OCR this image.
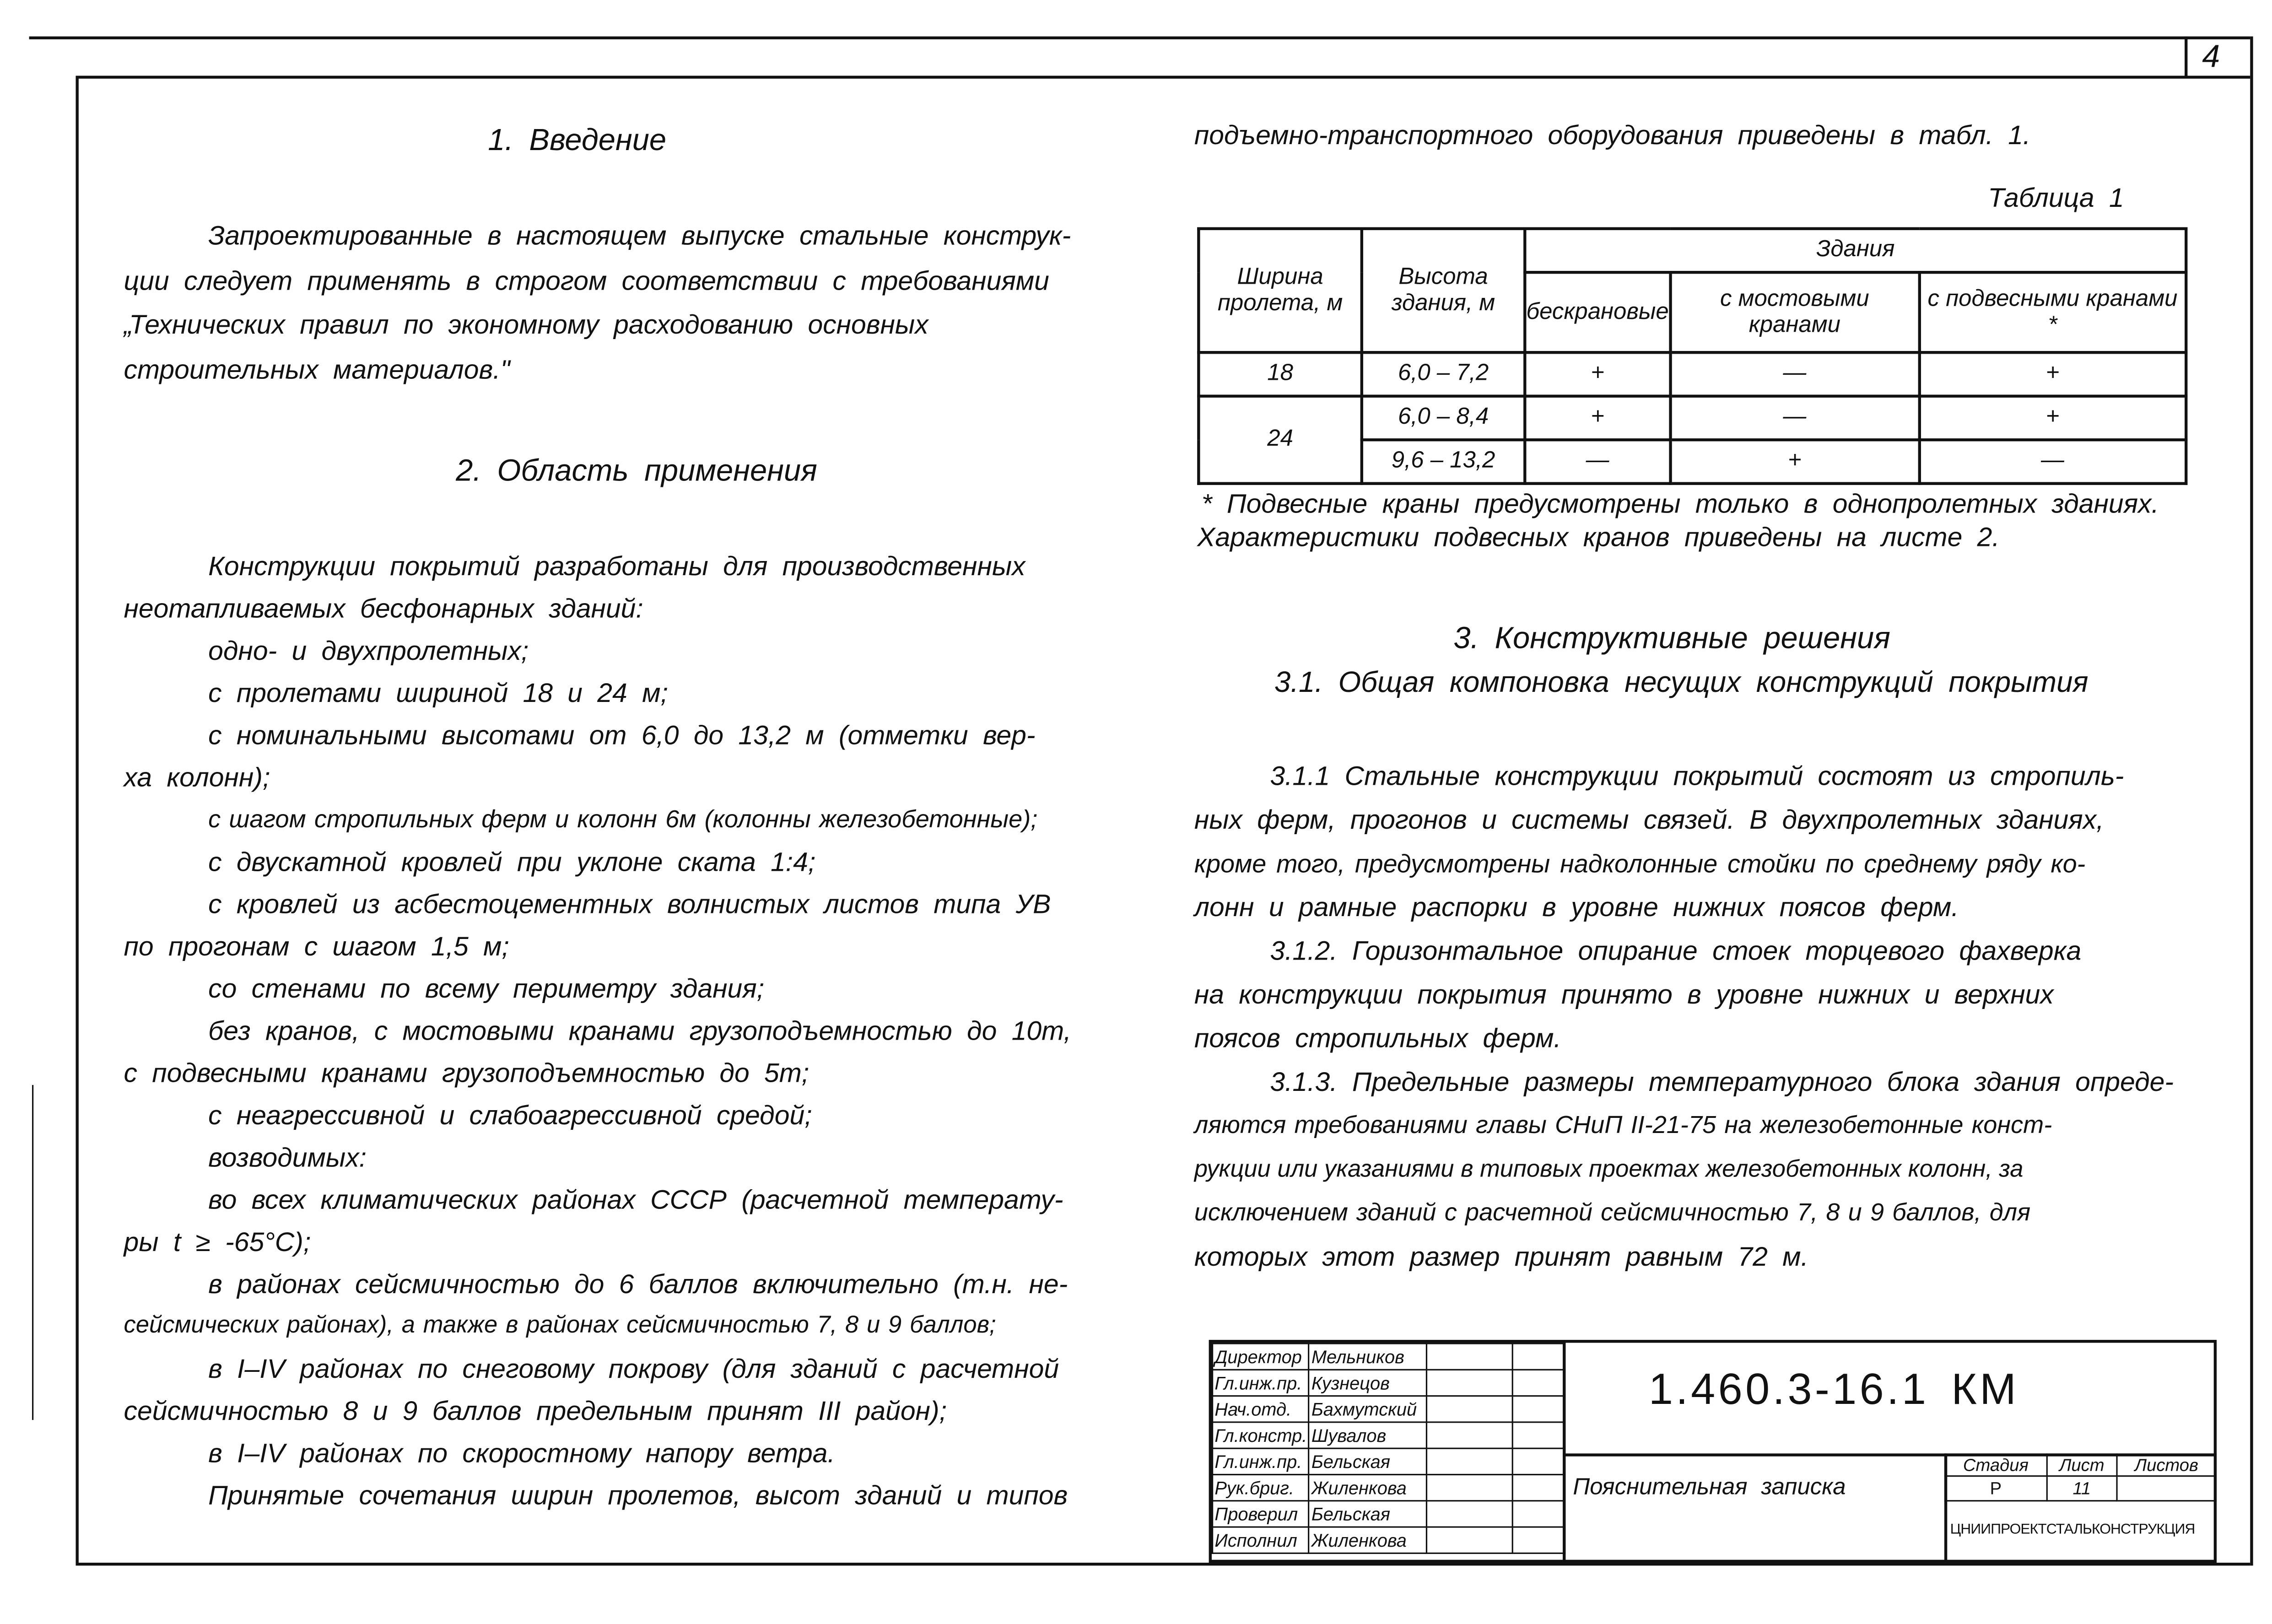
4
1. Введение
Запроектированные в настоящем выпуске стальные конструк-
ции следует применять в строгом соответствии с требованиями
„Технических правил по экономному расходованию основных
строительных материалов."
2. Область применения
Конструкции покрытий разработаны для производственных
неотапливаемых бесфонарных зданий:
одно- и двухпролетных;
с пролетами шириной 18 и 24 м;
с номинальными высотами от 6,0 до 13,2 м (отметки вер-
ха колонн);
с шагом стропильных ферм и колонн 6м (колонны железобетонные);
с двускатной кровлей при уклоне ската 1:4;
с кровлей из асбестоцементных волнистых листов типа УВ
по прогонам с шагом 1,5 м;
со стенами по всему периметру здания;
без кранов, с мостовыми кранами грузоподъемностью до 10т,
с подвесными кранами грузоподъемностью до 5т;
с неагрессивной и слабоагрессивной средой;
возводимых:
во всех климатических районах СССР (расчетной температу-
ры t ≥ -65°С);
в районах сейсмичностью до 6 баллов включительно (т.н. не-
сейсмических районах), а также в районах сейсмичностью 7, 8 и 9 баллов;
в I–IV районах по снеговому покрову (для зданий с расчетной
сейсмичностью 8 и 9 баллов предельным принят III район);
в I–IV районах по скоростному напору ветра.
Принятые сочетания ширин пролетов, высот зданий и типов
подъемно-транспортного оборудования приведены в табл. 1.
Таблица 1
Ширина пролета, м	Высота здания, м	Здания		
		бескрановые	с мостовыми кранами	с подвесными кранами *
18	6,0 – 7,2	+	—	+
24	6,0 – 8,4	+	—	+
	9,6 – 13,2	—	+	—
* Подвесные краны предусмотрены только в однопролетных зданиях.
Характеристики подвесных кранов приведены на листе 2.
3. Конструктивные решения
3.1. Общая компоновка несущих конструкций покрытия
3.1.1 Стальные конструкции покрытий состоят из стропиль-
ных ферм, прогонов и системы связей. В двухпролетных зданиях,
кроме того, предусмотрены надколонные стойки по среднему ряду ко-
лонн и рамные распорки в уровне нижних поясов ферм.
3.1.2. Горизонтальное опирание стоек торцевого фахверка
на конструкции покрытия принято в уровне нижних и верхних
поясов стропильных ферм.
3.1.3. Предельные размеры температурного блока здания опреде-
ляются требованиями главы СНиП II-21-75 на железобетонные конст-
рукции или указаниями в типовых проектах железобетонных колонн, за
исключением зданий с расчетной сейсмичностью 7, 8 и 9 баллов, для
которых этот размер принят равным 72 м.
Директор	Мельников		
Гл.инж.пр.	Кузнецов		
Нач.отд.	Бахмутский		
Гл.констр.	Шувалов		
Гл.инж.пр.	Бельская		
Рук.бриг.	Жиленкова		
Проверил	Бельская		
Исполнил	Жиленкова		
1.460.3-16.1 КМ
Пояснительная записка
Стадия	Лист	Листов
Р	11	
ЦНИИПРОЕКТСТАЛЬКОНСТРУКЦИЯ
